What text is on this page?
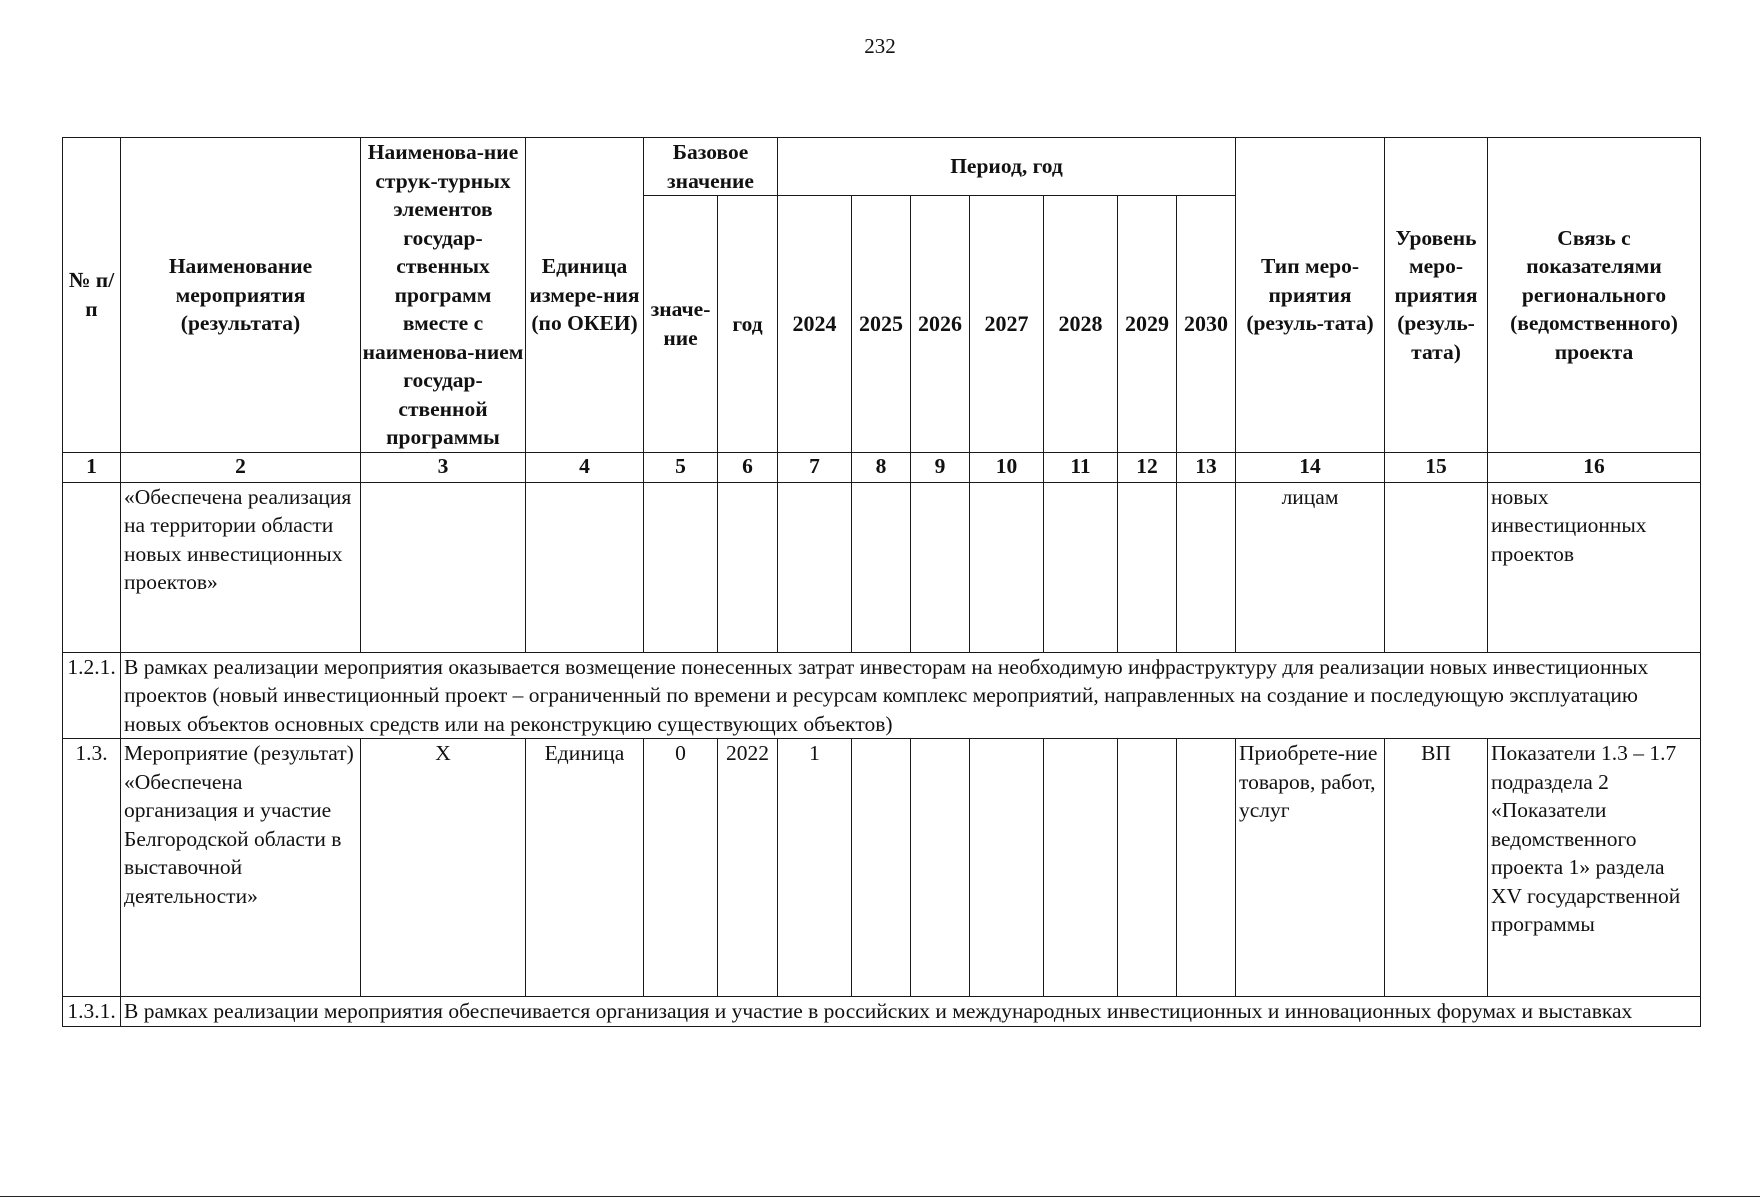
232
№ п/п	Наименование мероприятия (результата)	Наименова-ние струк-турных элементов государ-ственных программ вместе с наименова-нием государ-ственной программы	Единица измере-ния (по ОКЕИ)	Базовое значение		Период, год							Тип меро-приятия (резуль-тата)	Уровень меро-приятия (резуль-тата)	Связь с показателями регионального (ведомственного) проекта
				значе-ние	год	2024	2025	2026	2027	2028	2029	2030			
1	2	3	4	5	6	7	8	9	10	11	12	13	14	15	16
	«Обеспечена реализация на территории области новых инвестиционных проектов»												лицам		новых инвестиционных проектов
1.2.1.	В рамках реализации мероприятия оказывается возмещение понесенных затрат инвесторам на необходимую инфраструктуру для реализации новых инвестиционных проектов (новый инвестиционный проект – ограниченный по времени и ресурсам комплекс мероприятий, направленных на создание и последующую эксплуатацию новых объектов основных средств или на реконструкцию существующих объектов)														
1.3.	Мероприятие (результат) «Обеспечена организация и участие Белгородской области в выставочной деятельности»	Х	Единица	0	2022	1							Приобрете-ние товаров, работ, услуг	ВП	Показатели 1.3 – 1.7 подраздела 2 «Показатели ведомственного проекта 1» раздела XV государственной программы
1.3.1.	В рамках реализации мероприятия обеспечивается организация и участие в российских и международных инвестиционных и инновационных форумах и выставках														
